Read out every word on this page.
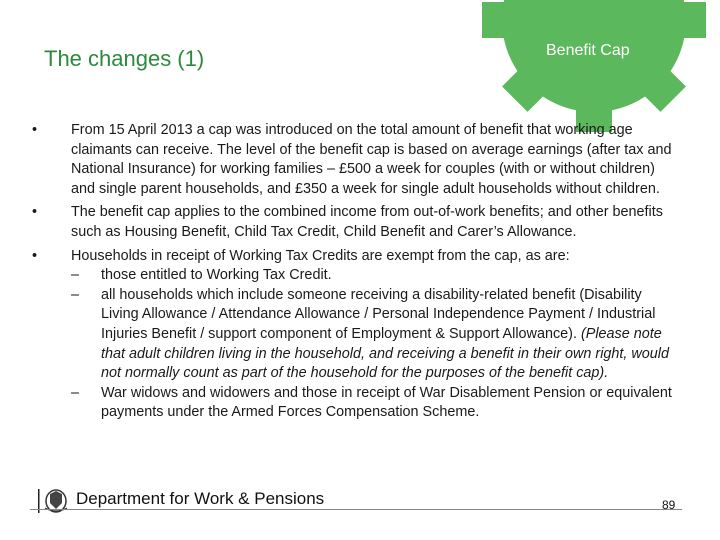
The changes (1)	Benefit Cap
•	From 15 April 2013 a cap was introduced on the total amount of benefit that working age claimants can receive. The level of the benefit cap is based on average earnings (after tax and National Insurance) for working families – £500 a week for couples (with or without children) and single parent households, and £350 a week for single adult households without children.
•	The benefit cap applies to the combined income from out-of-work benefits; and other benefits such as Housing Benefit, Child Tax Credit, Child Benefit and Carer’s Allowance.
•	Households in receipt of Working Tax Credits are exempt from the cap, as are:
–	those entitled to Working Tax Credit.
–	all households which include someone receiving a disability-related benefit (Disability Living Allowance / Attendance Allowance / Personal Independence Payment / Industrial Injuries Benefit / support component of Employment & Support Allowance). (Please note that adult children living in the household, and receiving a benefit in their own right, would not normally count as part of the household for the purposes of the benefit cap).
–	War widows and widowers and those in receipt of War Disablement Pension or equivalent payments under the Armed Forces Compensation Scheme.
Department for Work & Pensions	89
